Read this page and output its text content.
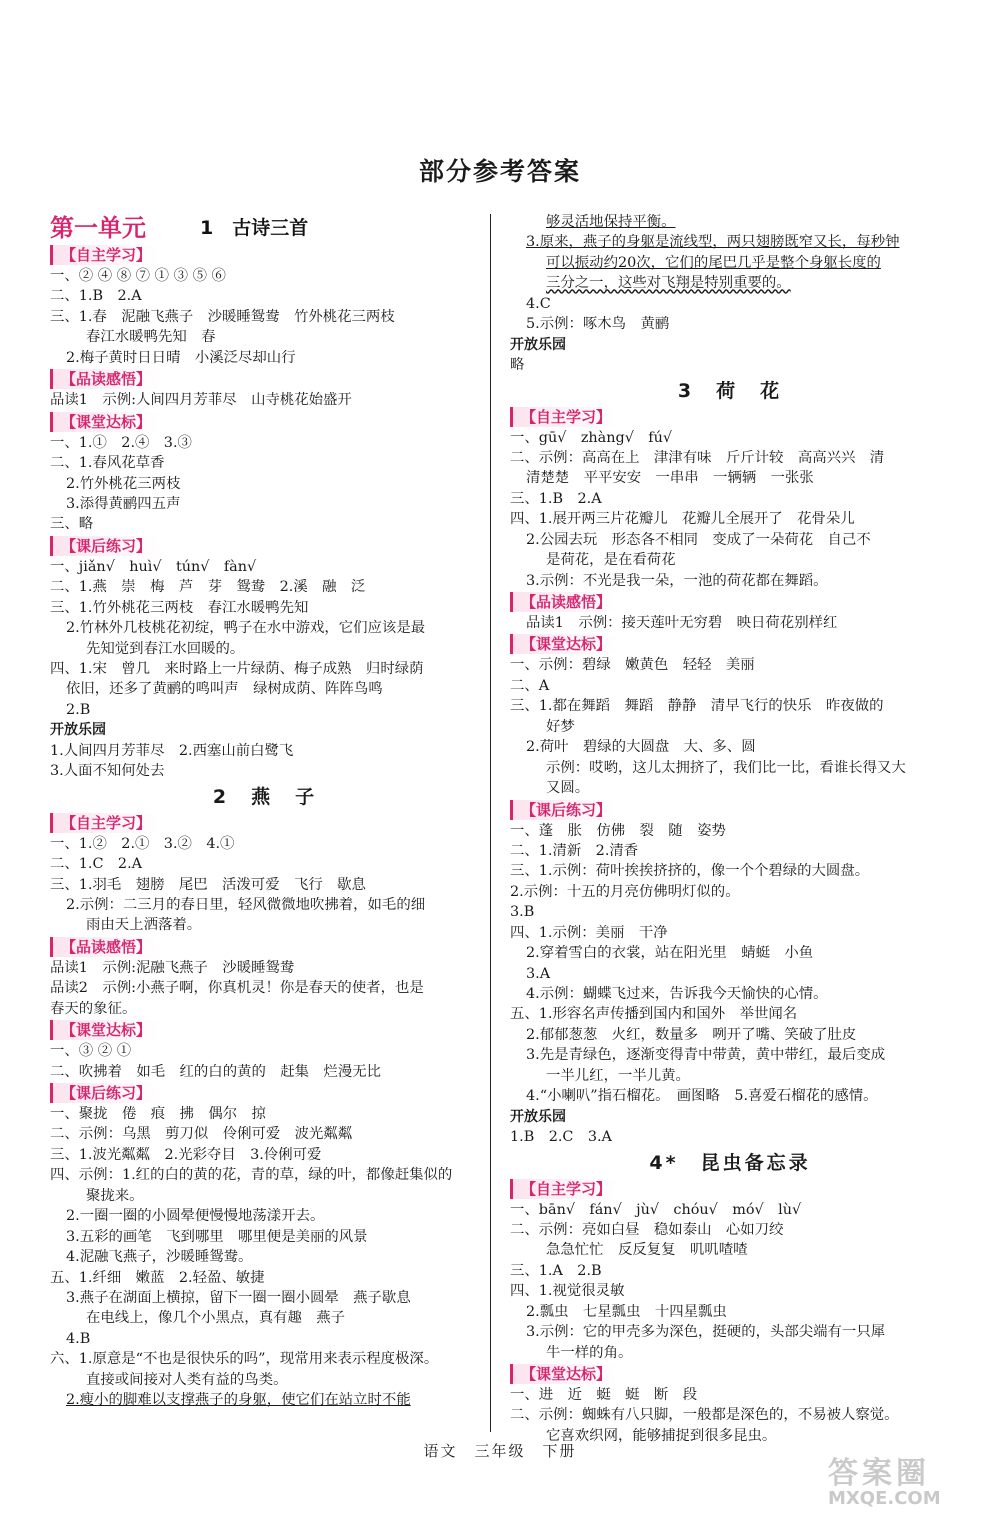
部分参考答案
第一单元	1　古诗三首
【自主学习】
一、② ④ ⑧ ⑦ ① ③ ⑤ ⑥
二、1.B　2.A
三、1.春　泥融飞燕子　沙暖睡鸳鸯　竹外桃花三两枝
春江水暖鸭先知　春
2.梅子黄时日日晴　小溪泛尽却山行
【品读感悟】
品读1　示例:人间四月芳菲尽　山寺桃花始盛开
【课堂达标】
一、1.①　2.④　3.③
二、1.春风花草香
2.竹外桃花三两枝
3.添得黄鹂四五声
三、略
【课后练习】
一、jiǎn√　huì√　tún√　fàn√
二、1.燕　崇　梅　芦　芽　鸳鸯　2.溪　融　泛
三、1.竹外桃花三两枝　春江水暖鸭先知
2.竹林外几枝桃花初绽，鸭子在水中游戏，它们应该是最
先知觉到春江水回暖的。
四、1.宋　曾几　来时路上一片绿荫、梅子成熟　归时绿荫
依旧，还多了黄鹂的鸣叫声　绿树成荫、阵阵鸟鸣
2.B
开放乐园
1.人间四月芳菲尽　2.西塞山前白鹭飞
3.人面不知何处去
2　燕　子
【自主学习】
一、1.②　2.①　3.②　4.①
二、1.C　2.A
三、1.羽毛　翅膀　尾巴　活泼可爱　飞行　歇息
2.示例：二三月的春日里，轻风微微地吹拂着，如毛的细
雨由天上洒落着。
【品读感悟】
品读1　示例:泥融飞燕子　沙暖睡鸳鸯
品读2　示例:小燕子啊，你真机灵！你是春天的使者，也是
春天的象征。
【课堂达标】
一、③ ② ①
二、吹拂着　如毛　红的白的黄的　赶集　烂漫无比
【课后练习】
一、聚拢　倦　痕　拂　偶尔　掠
二、示例：乌黑　剪刀似　伶俐可爱　波光粼粼
三、1.波光粼粼　2.光彩夺目　3.伶俐可爱
四、示例：1.红的白的黄的花，青的草，绿的叶，都像赶集似的
聚拢来。
2.一圈一圈的小圆晕便慢慢地荡漾开去。
3.五彩的画笔　飞到哪里　哪里便是美丽的风景
4.泥融飞燕子，沙暖睡鸳鸯。
五、1.纤细　嫩蓝　2.轻盈、敏捷
3.燕子在湖面上横掠，留下一圈一圈小圆晕　燕子歇息
在电线上，像几个小黑点，真有趣　燕子
4.B
六、1.原意是“不也是很快乐的吗”，现常用来表示程度极深。
直接或间接对人类有益的鸟类。
2.瘦小的脚难以支撑燕子的身躯，使它们在站立时不能
够灵活地保持平衡。
3.原来，燕子的身躯是流线型，两只翅膀既窄又长，每秒钟
可以振动约20次，它们的尾巴几乎是整个身躯长度的
三分之一，这些对飞翔是特别重要的。
4.C
5.示例：啄木鸟　黄鹂
开放乐园
略
3　荷　花
【自主学习】
一、gū√　zhàng√　fú√
二、示例：高高在上　津津有味　斤斤计较　高高兴兴　清
清楚楚　平平安安　一串串　一辆辆　一张张
三、1.B　2.A
四、1.展开两三片花瓣儿　花瓣儿全展开了　花骨朵儿
2.公园去玩　形态各不相同　变成了一朵荷花　自己不
是荷花，是在看荷花
3.示例：不光是我一朵，一池的荷花都在舞蹈。
【品读感悟】
品读1　示例：接天莲叶无穷碧　映日荷花别样红
【课堂达标】
一、示例：碧绿　嫩黄色　轻轻　美丽
二、A
三、1.都在舞蹈　舞蹈　静静　清早飞行的快乐　昨夜做的
好梦
2.荷叶　碧绿的大圆盘　大、多、圆
示例：哎哟，这儿太拥挤了，我们比一比，看谁长得又大
又圆。
【课后练习】
一、蓬　胀　仿佛　裂　随　姿势
二、1.清新　2.清香
三、1.示例：荷叶挨挨挤挤的，像一个个碧绿的大圆盘。
2.示例：十五的月亮仿佛明灯似的。
3.B
四、1.示例：美丽　干净
2.穿着雪白的衣裳，站在阳光里　蜻蜓　小鱼
3.A
4.示例：蝴蝶飞过来，告诉我今天愉快的心情。
五、1.形容名声传播到国内和国外　举世闻名
2.郁郁葱葱　火红，数量多　咧开了嘴、笑破了肚皮
3.先是青绿色，逐渐变得青中带黄，黄中带红，最后变成
一半儿红，一半儿黄。
4.“小喇叭”指石榴花。　画图略　5.喜爱石榴花的感情。
开放乐园
1.B　2.C　3.A
4*　昆虫备忘录
【自主学习】
一、bān√　fán√　jù√　chóu√　mó√　lù√
二、示例：亮如白昼　稳如泰山　心如刀绞
急急忙忙　反反复复　叽叽喳喳
三、1.A　2.B
四、1.视觉很灵敏
2.瓢虫　七星瓢虫　十四星瓢虫
3.示例：它的甲壳多为深色，挺硬的，头部尖端有一只犀
牛一样的角。
【课堂达标】
一、进　近　蜓　蜓　断　段
二、示例：蜘蛛有八只脚，一般都是深色的，不易被人察觉。
它喜欢织网，能够捕捉到很多昆虫。
语文　三年级　下册
答案圈
MXQE.COM
